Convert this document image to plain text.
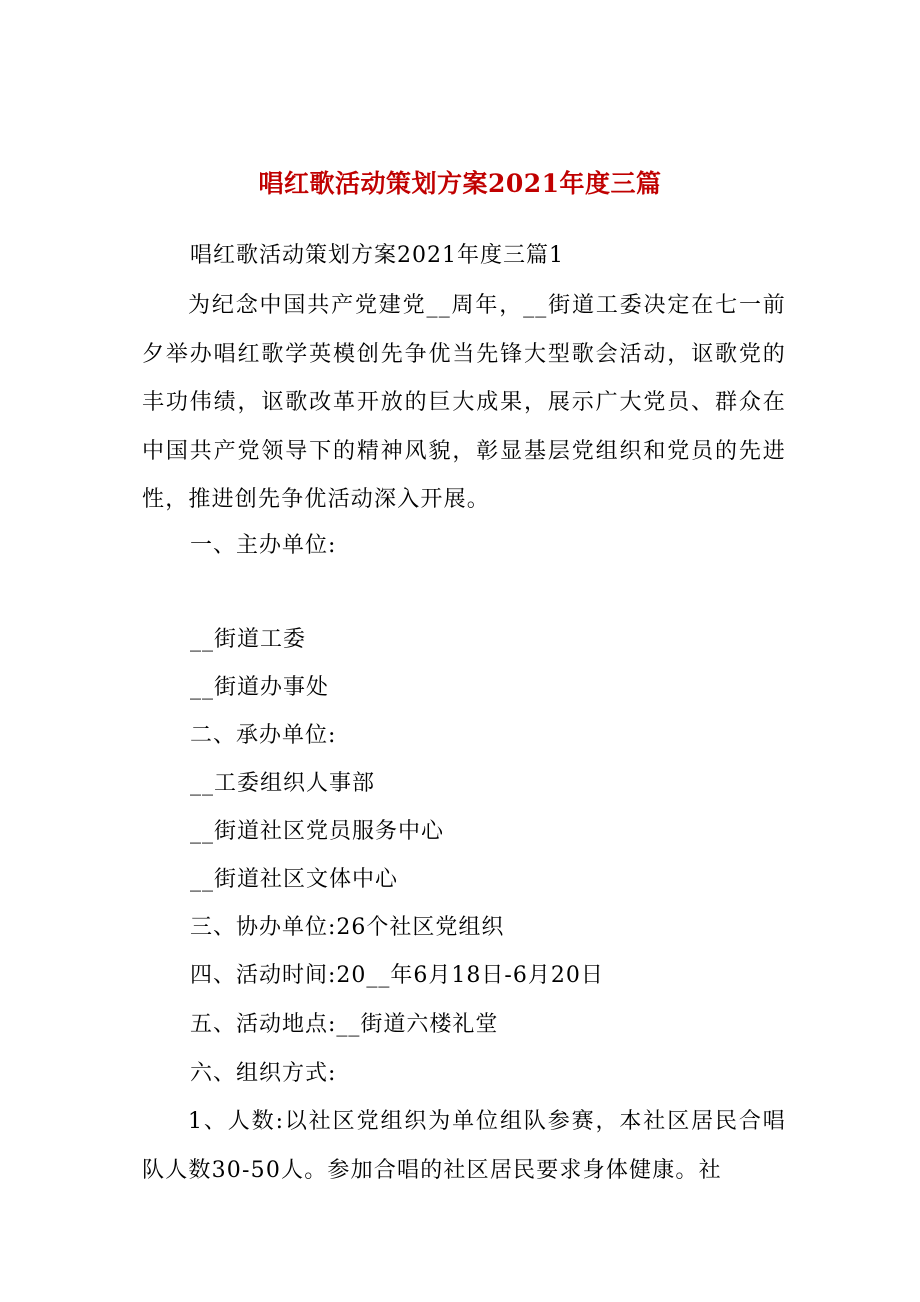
唱红歌活动策划方案2021年度三篇
唱红歌活动策划方案2021年度三篇1
为纪念中国共产党建党__周年，__街道工委决定在七一前夕举办唱红歌学英模创先争优当先锋大型歌会活动，讴歌党的丰功伟绩，讴歌改革开放的巨大成果，展示广大党员、群众在中国共产党领导下的精神风貌，彰显基层党组织和党员的先进性，推进创先争优活动深入开展。
一、主办单位:
__街道工委
__街道办事处
二、承办单位:
__工委组织人事部
__街道社区党员服务中心
__街道社区文体中心
三、协办单位:26个社区党组织
四、活动时间:20__年6月18日-6月20日
五、活动地点:__街道六楼礼堂
六、组织方式:
1、人数:以社区党组织为单位组队参赛，本社区居民合唱队人数30-50人。参加合唱的社区居民要求身体健康。社
